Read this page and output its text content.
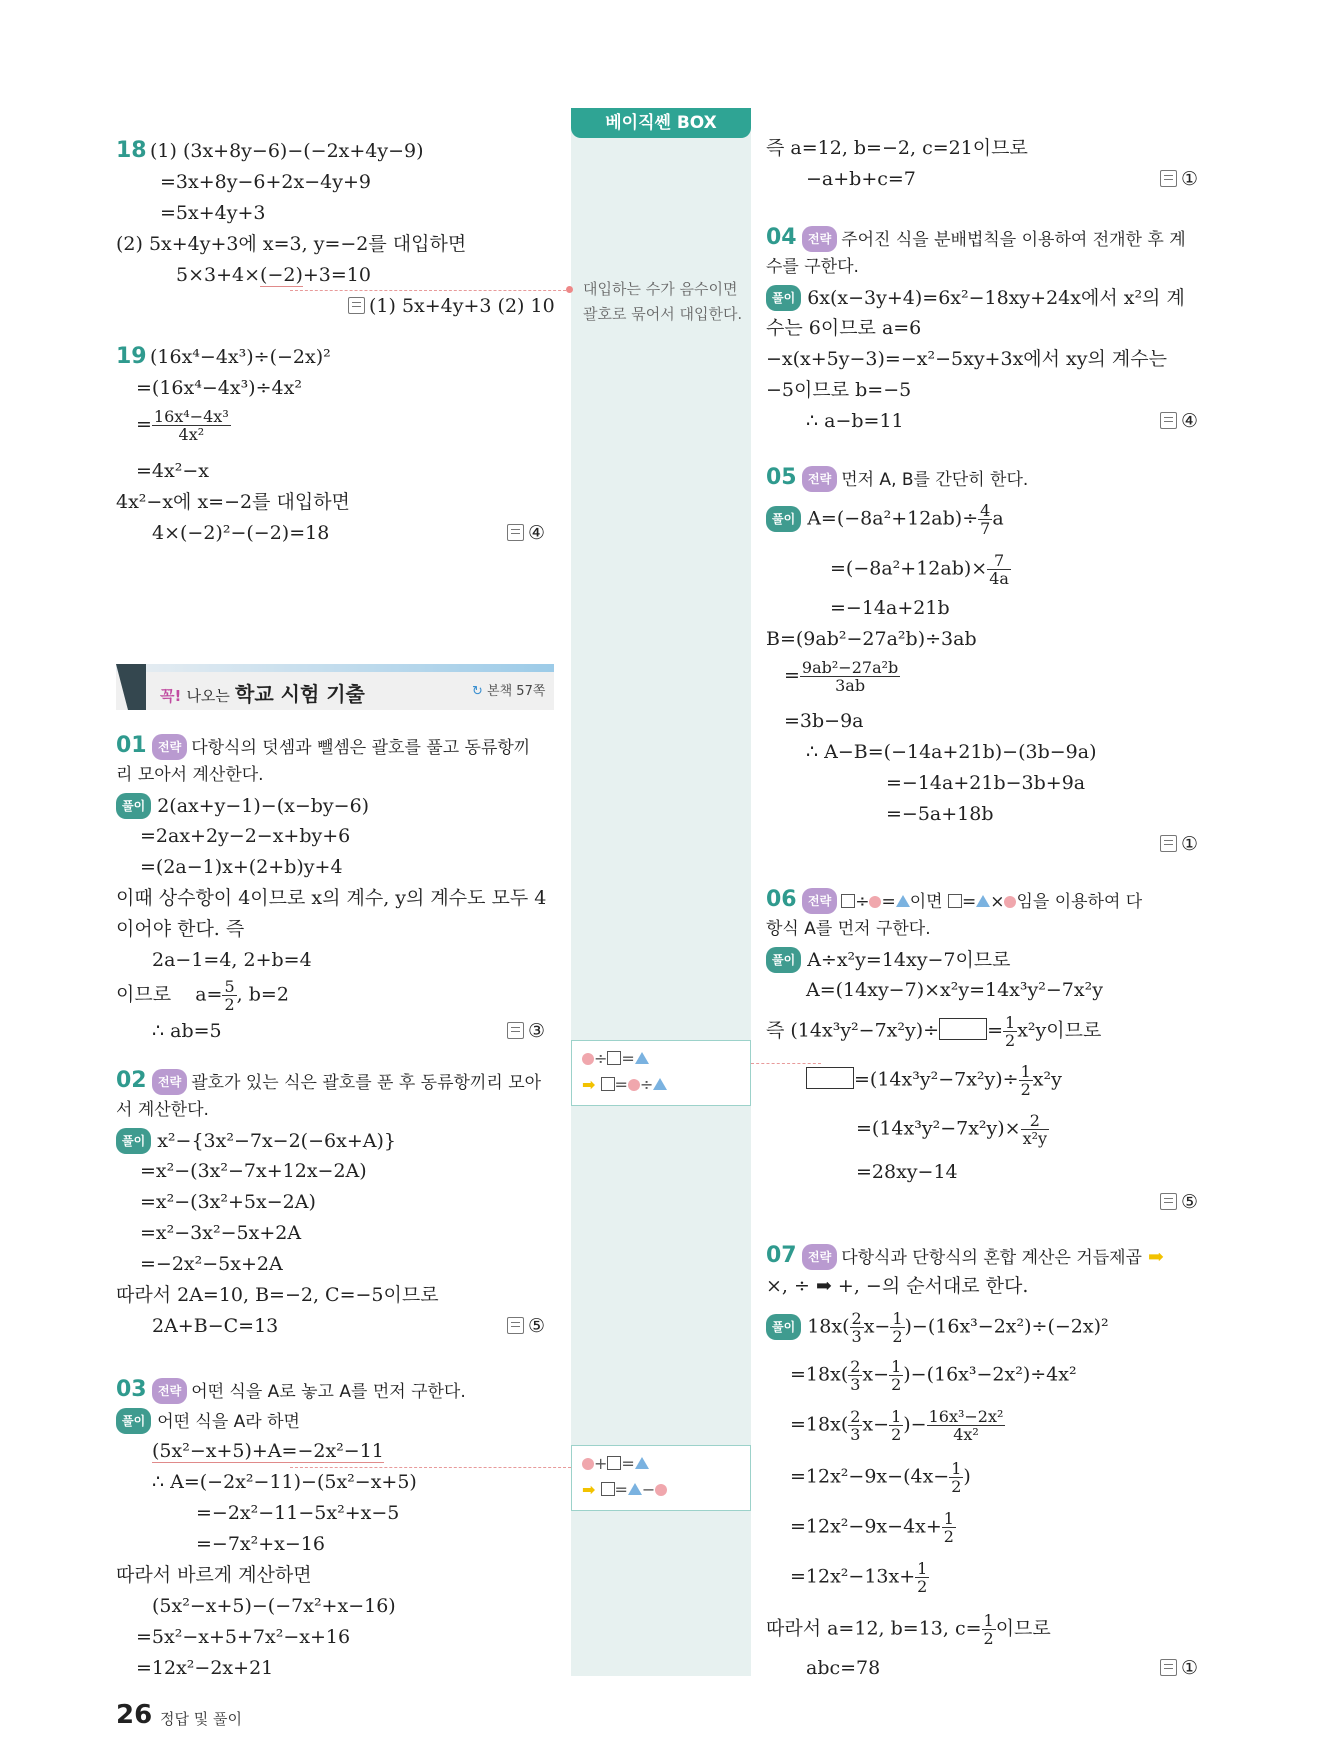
베이직쎈 BOX
대입하는 수가 음수이면 괄호로 묶어서 대입한다.
÷ =
➡ = ÷
+ =
➡ = −
18 (1) (3x+8y−6)−(−2x+4y−9)
=3x+8y−6+2x−4y+9
=5x+4y+3
(2) 5x+4y+3에 x=3, y=−2를 대입하면
5×3+4×(−2)+3=10
(1) 5x+4y+3 (2) 10
19 (16x⁴−4x³)÷(−2x)²
=(16x⁴−4x³)÷4x²
= $\frac{\text{16x⁴−4x³}}{\text{4x²}}$
=4x²−x
4x²−x에 x=−2를 대입하면
4×(−2)²−(−2)=18	④
꼭! 나오는 학교 시험 기출	↻ 본책 57쪽
01 전략 다항식의 덧셈과 뺄셈은 괄호를 풀고 동류항끼
리 모아서 계산한다.
풀이 2(ax+y−1)−(x−by−6)
=2ax+2y−2−x+by+6
=(2a−1)x+(2+b)y+4
이때 상수항이 4이므로 x의 계수, y의 계수도 모두 4
이어야 한다. 즉
2a−1=4, 2+b=4
이므로 $a= \frac{5}{2}$ , b=2
∴ ab=5	③
02 전략 괄호가 있는 식은 괄호를 푼 후 동류항끼리 모아
서 계산한다.
풀이 x²−{3x²−7x−2(−6x+A)}
=x²−(3x²−7x+12x−2A)
=x²−(3x²+5x−2A)
=x²−3x²−5x+2A
=−2x²−5x+2A
따라서 2A=10, B=−2, C=−5이므로
2A+B−C=13	⑤
03 전략 어떤 식을 A로 놓고 A를 먼저 구한다.
풀이 어떤 식을 A라 하면
(5x²−x+5)+A=−2x²−11
∴ A=(−2x²−11)−(5x²−x+5)
=−2x²−11−5x²+x−5
=−7x²+x−16
따라서 바르게 계산하면
(5x²−x+5)−(−7x²+x−16)
=5x²−x+5+7x²−x+16
=12x²−2x+21
즉 a=12, b=−2, c=21이므로
−a+b+c=7	①
04 전략 주어진 식을 분배법칙을 이용하여 전개한 후 계
수를 구한다.
풀이 6x(x−3y+4)=6x²−18xy+24x에서 x²의 계
수는 6이므로 a=6
−x(x+5y−3)=−x²−5xy+3x에서 xy의 계수는
−5이므로 b=−5
∴ a−b=11	④
05 전략 먼저 A, B를 간단히 한다.
풀이 $A=(-8a^2+12ab)\div \frac{4}{7}$ a
$=(-8a^2+12ab)\times \frac{7}{4a}$
=−14a+21b
B=(9ab²−27a²b)÷3ab
= $\frac{\text{9ab²−27a²b}}{3ab}$
=3b−9a
∴ A−B=(−14a+21b)−(3b−9a)
=−14a+21b−3b+9a
=−5a+18b
①
06 전략 ÷ = 이면 = × 임을 이용하여 다
항식 A를 먼저 구한다.
풀이 A÷x²y=14xy−7이므로
A=(14xy−7)×x²y=14x³y²−7x²y
즉 (14x³y²−7x²y)÷	= $\frac{1}{2} x^2y$이므로
$=(14x^3y^2-7x^2y)\div \frac{1}{2} x^2y$
$=(14x^3y^2-7x^2y)\times \frac{2}{\text{x²y}}$
=28xy−14
⑤
07 전략 다항식과 단항식의 혼합 계산은 거듭제곱 ➡
×, ÷ ➡ +, −의 순서대로 한다.
풀이 $18x( \frac{2}{3} x- \frac{1}{2} )-(16x^3-2x^2)\div(-2x)^2$
$=18x( \frac{2}{3} x- \frac{1}{2} )-(16x^3-2x^2)\div 4x^2$
$=18x( \frac{2}{3} x- \frac{1}{2}$ )− $\frac{\text{16x³−2x²}}{\text{4x²}}$
$=12x^2-9x-(4x- \frac{1}{2}$ )
$=12x^2-9x-4x+ \frac{1}{2}$
$=12x^2-13x+ \frac{1}{2}$
따라서 a=12, b=13, $c= \frac{1}{2}$ 이므로
abc=78	①
26 정답 및 풀이
